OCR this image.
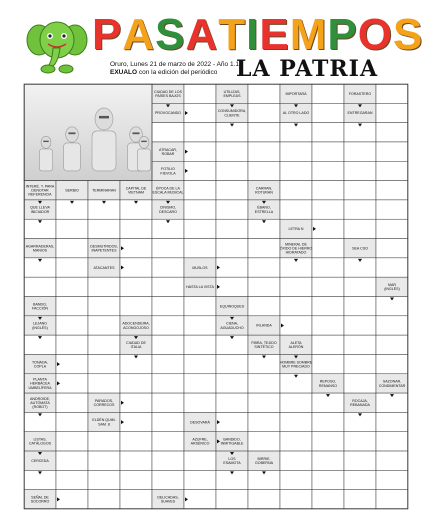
PASATIEMPOS
Oruro, Lunes 21 de marzo de 2022 - Año 1.1
EXUALO con la edición del periódico LA PATRIA
CIUDAD DE LOS
PAÍSES BAJOS
PROVOCANDO
UTILIZAS,
EMPLEAS
CONSUMIDORA,
CLIENTE
IMPORTARÁ
AL OTRO LADO
FORASTERO
ENTREGARAN
ATRACAR,
ROBAR
FOTILIO
FIEVOLA
INTERÉ. Y. PARA
DENOTAR
REFERENCIA
SERBIO	TERMINARAN
CAPITAL DE
VIETNAM
ÉPOCA DE LA
ESCALA MUSICAL
CARRAN,
ROTURAN
QUE LLEVA
INICIADOR
CINISMO,
DESCARO
ÉBANO,
ESTRELLA
LETRA N
MINERAL DE
ÓXIDO DE HIERRO
HIDRATADO
AGARRADERAS,
MANIOS
DESMUTRIDOS,
INAPETENTES
ATACANTES
SEA CSO
MUSLOS
HASTA LA VISTA
MAR
(INGLÉS)
BANDO,
FACCIÓN
LEJANO
(INGLÉS)
EQUINOQUES
CIENA,
AGUADUCHO
ADOCENDEIRA,
ACONGOJOSO
CIUDAD DE
ITALIA
IRLANDA
FIBRA, TEJIDO
SINTÉTICO
ALETA
ALERÓN
HOMBRE SOMBRE
MUY PRECIADO
TONADA,
COPLA
PLANTA
HERBÁCEA
UMBELÍFERA
REPOSO,
REMANSO
SAZONAR,
CONDIMENTAR
ANDROIDE,
AUTÓMATA
(ROBOT)
PARADOS,
CORRECOS
ELDÉN QUIM.
SAM. 8
ROCAJA,
REBANADA
DESOVARÁ
AZUFRE,
ARSÉNICO
LISTAS,
CATÁLOGOS
CERCEDA
BANDIDO,
INMITIGABLE
LOS
ESAMOTA
BIRRIE,
GOBERNA
SEÑAL DE
SOCORRO
DELICADAS,
SUAVES
